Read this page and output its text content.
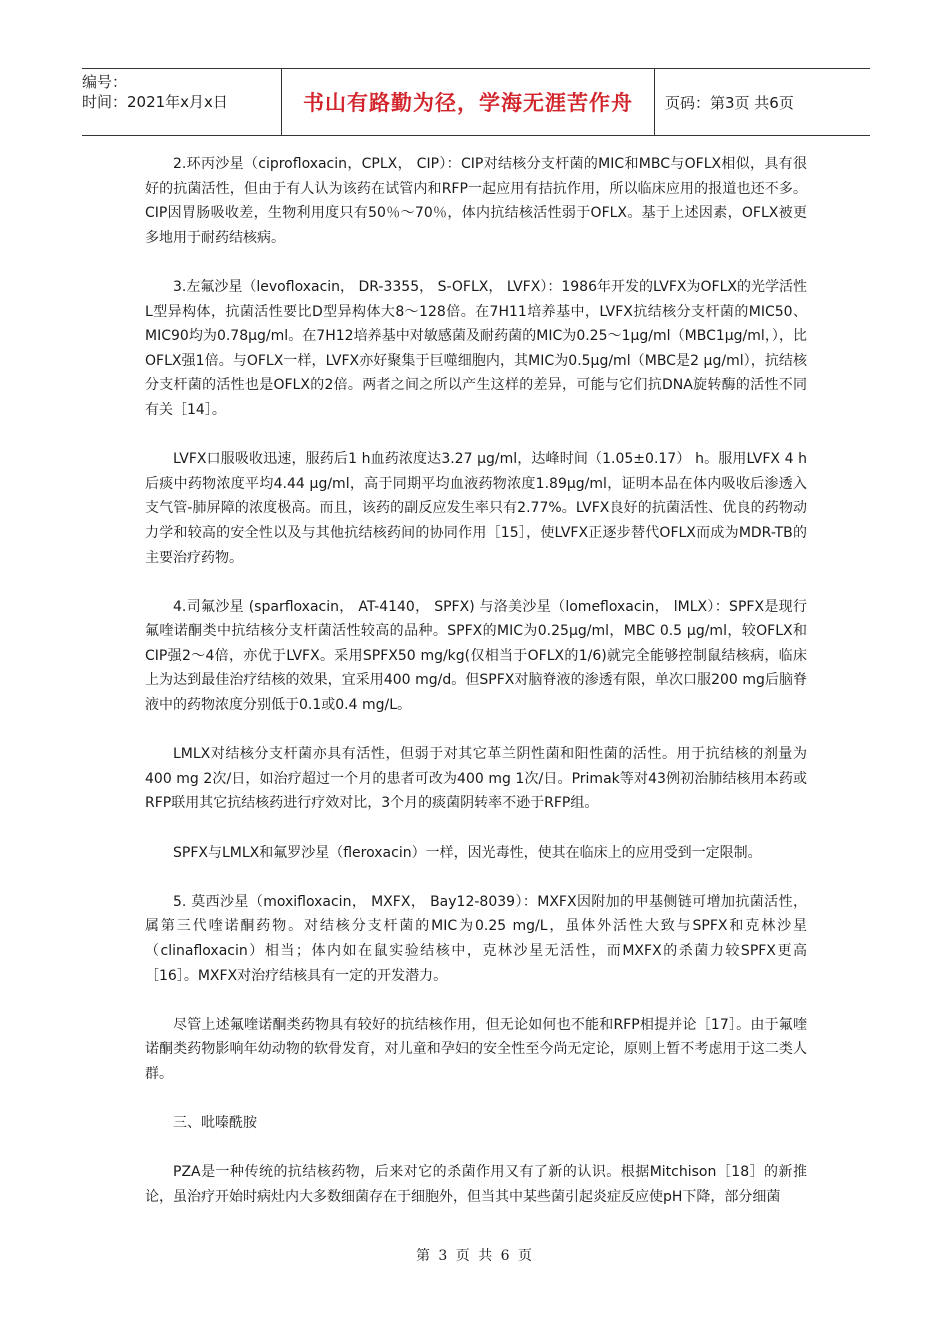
编号：
时间：2021年x月x日	书山有路勤为径，学海无涯苦作舟 页码：第3页 共6页

2.环丙沙星（ciprofloxacin，CPLX， CIP）：CIP对结核分支杆菌的MIC和MBC与OFLX相似，具有很好的抗菌活性，但由于有人认为该药在试管内和RFP一起应用有拮抗作用，所以临床应用的报道也还不多。CIP因胃肠吸收差，生物利用度只有50％～70％，体内抗结核活性弱于OFLX。基于上述因素，OFLX被更多地用于耐药结核病。

3.左氟沙星（levofloxacin， DR-3355， S-OFLX， LVFX）：1986年开发的LVFX为OFLX的光学活性L型异构体，抗菌活性要比D型异构体大8～128倍。在7H11培养基中，LVFX抗结核分支杆菌的MIC50、MIC90均为0.78μg/ml。在7H12培养基中对敏感菌及耐药菌的MIC为0.25～1μg/ml（MBC1μg/ml，），比OFLX强1倍。与OFLX一样，LVFX亦好聚集于巨噬细胞内，其MIC为0.5μg/ml（MBC是2 μg/ml），抗结核分支杆菌的活性也是OFLX的2倍。两者之间之所以产生这样的差异，可能与它们抗DNA旋转酶的活性不同有关［14］。

LVFX口服吸收迅速，服药后1 h血药浓度达3.27 μg/ml，达峰时间（1.05±0.17） h。服用LVFX 4 h后痰中药物浓度平均4.44 μg/ml，高于同期平均血液药物浓度1.89μg/ml，证明本品在体内吸收后渗透入支气管-肺屏障的浓度极高。而且，该药的副反应发生率只有2.77%。LVFX良好的抗菌活性、优良的药物动力学和较高的安全性以及与其他抗结核药间的协同作用［15］，使LVFX正逐步替代OFLX而成为MDR-TB的主要治疗药物。

4.司氟沙星 (sparfloxacin， AT-4140， SPFX) 与洛美沙星（lomefloxacin， lMLX）：SPFX是现行氟喹诺酮类中抗结核分支杆菌活性较高的品种。SPFX的MIC为0.25μg/ml，MBC 0.5 μg/ml，较OFLX和CIP强2～4倍，亦优于LVFX。采用SPFX50 mg/kg(仅相当于OFLX的1/6)就完全能够控制鼠结核病，临床上为达到最佳治疗结核的效果，宜采用400 mg/d。但SPFX对脑脊液的渗透有限，单次口服200 mg后脑脊液中的药物浓度分别低于0.1或0.4 mg/L。

LMLX对结核分支杆菌亦具有活性，但弱于对其它革兰阴性菌和阳性菌的活性。用于抗结核的剂量为400 mg 2次/日，如治疗超过一个月的患者可改为400 mg 1次/日。Primak等对43例初治肺结核用本药或RFP联用其它抗结核药进行疗效对比，3个月的痰菌阴转率不逊于RFP组。

SPFX与LMLX和氟罗沙星（fleroxacin）一样，因光毒性，使其在临床上的应用受到一定限制。

5. 莫西沙星（moxifloxacin， MXFX， Bay12-8039）：MXFX因附加的甲基侧链可增加抗菌活性，属第三代喹诺酮药物。对结核分支杆菌的MIC为0.25 mg/L，虽体外活性大致与SPFX和克林沙星（clinafloxacin）相当；体内如在鼠实验结核中，克林沙星无活性，而MXFX的杀菌力较SPFX更高［16］。MXFX对治疗结核具有一定的开发潜力。

尽管上述氟喹诺酮类药物具有较好的抗结核作用，但无论如何也不能和RFP相提并论［17］。由于氟喹诺酮类药物影响年幼动物的软骨发育，对儿童和孕妇的安全性至今尚无定论，原则上暂不考虑用于这二类人群。

三、吡嗪酰胺

PZA是一种传统的抗结核药物，后来对它的杀菌作用又有了新的认识。根据Mitchison［18］的新推论，虽治疗开始时病灶内大多数细菌存在于细胞外，但当其中某些菌引起炎症反应使pH下降，部分细菌

第 3 页 共 6 页
